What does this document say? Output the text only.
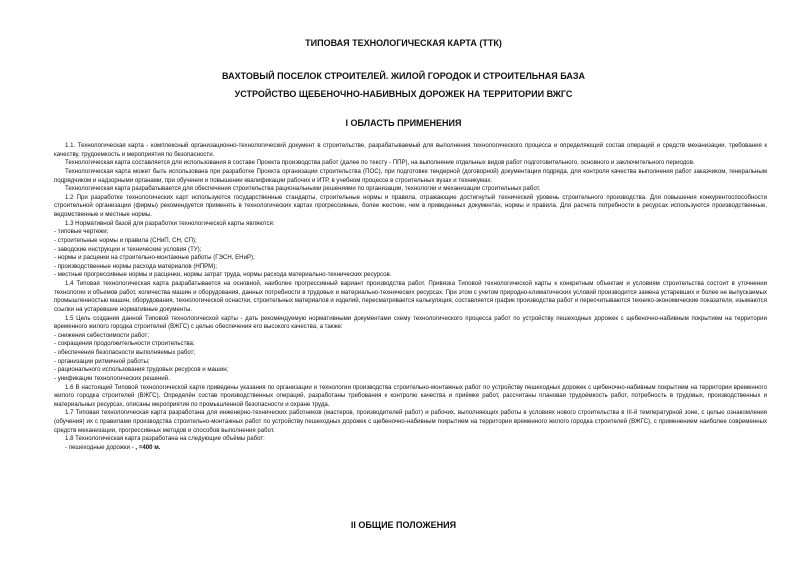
ТИПОВАЯ ТЕХНОЛОГИЧЕСКАЯ КАРТА (ТТК)
ВАХТОВЫЙ ПОСЕЛОК СТРОИТЕЛЕЙ. ЖИЛОЙ ГОРОДОК И СТРОИТЕЛЬНАЯ БАЗА
УСТРОЙСТВО ЩЕБЕНОЧНО-НАБИВНЫХ ДОРОЖЕК НА ТЕРРИТОРИИ ВЖГС
I ОБЛАСТЬ ПРИМЕНЕНИЯ

1.1. Технологическая карта - комплексный организационно-технологический документ в строительстве, разрабатываемый для выполнения технологического процесса и определяющий состав операций и средств механизации, требования к качеству, трудоемкость и мероприятия по безопасности.

Технологическая карта составляется для использования в составе Проекта производства работ (далее по тексту - ППР), на выполнение отдельных видов работ подготовительного, основного и заключительного периодов.

Технологическая карта может быть использована при разработке Проекта организации строительства (ПОС), при подготовке тендерной (договорной) документации подряда, для контроля качества выполнения работ заказчиком, генеральным подрядчиком и надзорными органами, при обучении и повышении квалификации рабочих и ИТР, в учебном процессе в строительных вузах и техникумах.

Технологическая карта разрабатывается для обеспечения строительства рациональными решениями по организации, технологии и механизации строительных работ.

1.2 При разработке технологических карт используются государственные стандарты, строительные нормы и правила, отражающие достигнутый технический уровень строительного производства. Для повышения конкурентоспособности строительной организации (фирмы) рекомендуется применять в технологических картах прогрессивные, более жесткие, чем в приведенных документах, нормы и правила. Для расчета потребности в ресурсах используются производственные, ведомственные и местные нормы.

1.3 Нормативной базой для разработки технологической карты являются:

- типовые чертежи;

- строительные нормы и правила (СНиП, СН, СП);

- заводские инструкции и технические условия (ТУ);

- нормы и расценки на строительно-монтажные работы (ГЭСН, ЕНиР);

- производственные нормы расхода материалов (НПРМ);

- местные прогрессивные нормы и расценки, нормы затрат труда, нормы расхода материально-технических ресурсов.

1.4 Типовая технологическая карта разрабатывается на основной, наиболее прогрессивный вариант производства работ. Привязка Типовой технологической карты к конкретным объектам и условиям строительства состоит в уточнении технологии и объемов работ, количества машин и оборудования, данных потребности в трудовых и материально-технических ресурсах. При этом с учетом природно-климатических условий производится замена устаревших и более не выпускаемых промышленностью машин, оборудования, технологической оснастки, строительных материалов и изделий, пересматривается калькуляция, составляется график производства работ и пересчитываются технико-экономические показатели, изымаются ссылки на устаревшие нормативные документы.

1.5 Цель создания данной Типовой технологической карты - дать рекомендуемую нормативными документами схему технологического процесса работ по устройству пешеходных дорожек с щебеночно-набивным покрытием на территории временного жилого городка строителей (ВЖГС) с целью обеспечения его высокого качества, а также:

- снижения себестоимости работ;

- сокращения продолжительности строительства;

- обеспечения безопасности выполняемых работ;

- организации ритмичной работы;

- рационального использования трудовых ресурсов и машин;

- унификации технологических решений.

1.6 В настоящей Типовой технологической карте приведены указания по организации и технологии производства строительно-монтажных работ по устройству пешеходных дорожек с щебеночно-набивным покрытием на территории временного жилого городка строителей (ВЖГС). Определён состав производственных операций, разработаны требования к контролю качества и приёмке работ, рассчитаны плановая трудоёмкость работ, потребность в трудовых, производственных и материальных ресурсах, описаны мероприятия по промышленной безопасности и охране труда.

1.7 Типовая технологическая карта разработана для инженерно-технических работников (мастеров, производителей работ) и рабочих, выполняющих работы в условиях нового строительства в III-й температурной зоне, с целью ознакомления (обучения) их с правилами производства строительно-монтажных работ по устройству пешеходных дорожек с щебеночно-набивным покрытием на территории временного жилого городка строителей (ВЖГС), с применением наиболее современных средств механизации, прогрессивных методов и способов выполнения работ.

1.8 Технологическая карта разработана на следующие объёмы работ:

- пешеходные дорожки - , =400 м.

II ОБЩИЕ ПОЛОЖЕНИЯ
